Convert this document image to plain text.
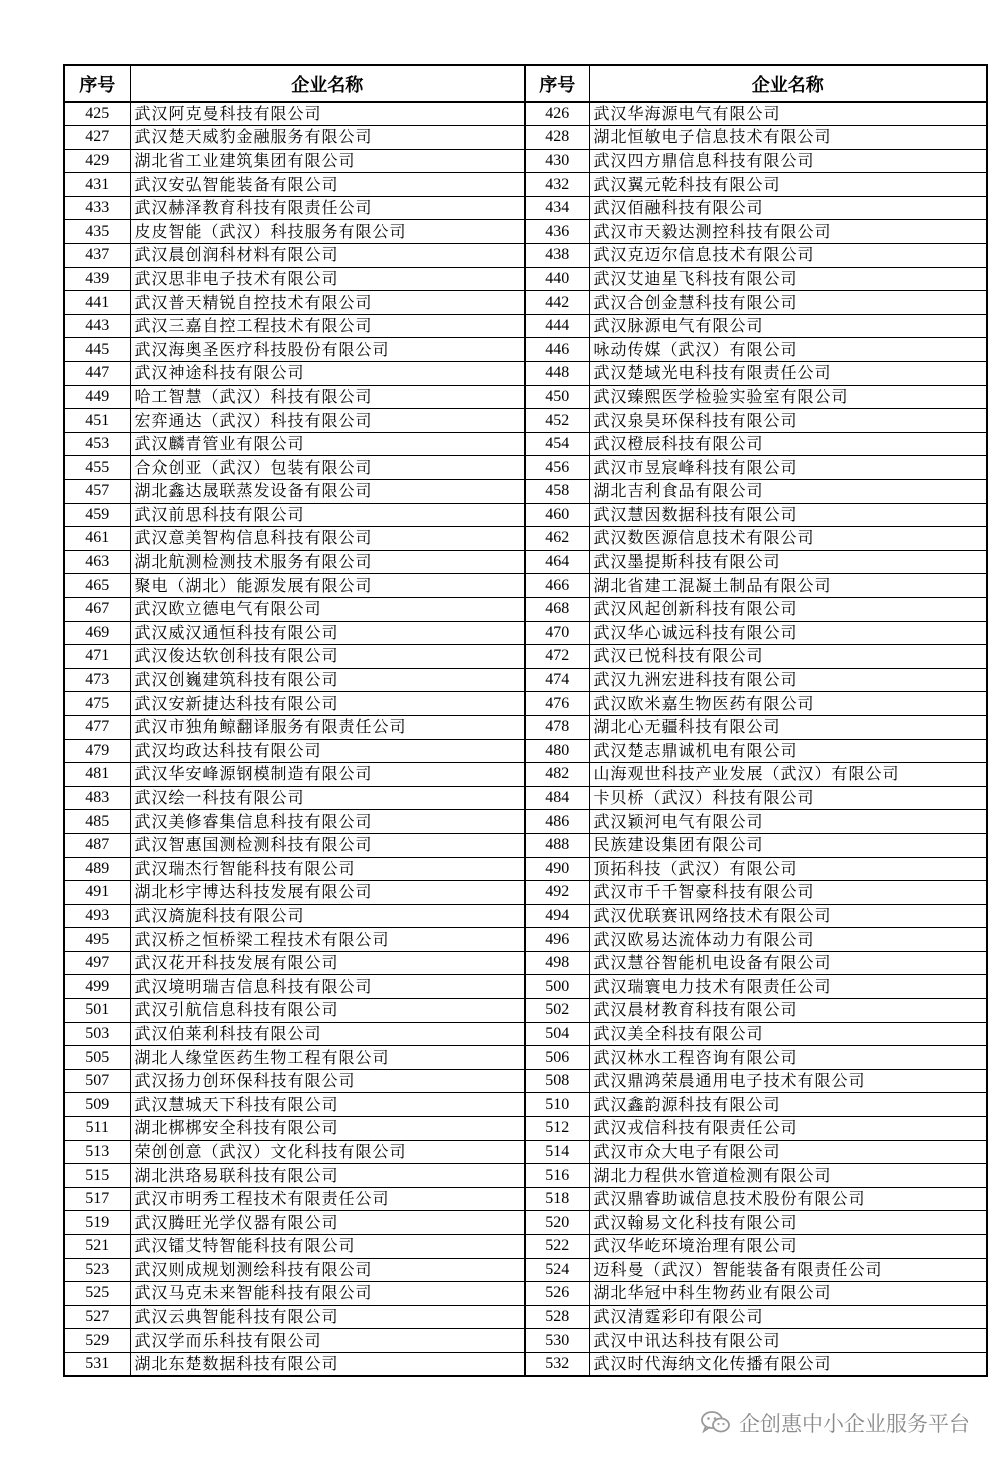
序号	企业名称	序号	企业名称
425	武汉阿克曼科技有限公司	426	武汉华海源电气有限公司
427	武汉楚天威豹金融服务有限公司	428	湖北恒敏电子信息技术有限公司
429	湖北省工业建筑集团有限公司	430	武汉四方鼎信息科技有限公司
431	武汉安弘智能装备有限公司	432	武汉翼元乾科技有限公司
433	武汉赫泽教育科技有限责任公司	434	武汉佰融科技有限公司
435	皮皮智能（武汉）科技服务有限公司	436	武汉市天毅达测控科技有限公司
437	武汉晨创润科材料有限公司	438	武汉克迈尔信息技术有限公司
439	武汉思非电子技术有限公司	440	武汉艾迪星飞科技有限公司
441	武汉普天精锐自控技术有限公司	442	武汉合创金慧科技有限公司
443	武汉三嘉自控工程技术有限公司	444	武汉脉源电气有限公司
445	武汉海奥圣医疗科技股份有限公司	446	咏动传媒（武汉）有限公司
447	武汉神途科技有限公司	448	武汉楚域光电科技有限责任公司
449	哈工智慧（武汉）科技有限公司	450	武汉臻熙医学检验实验室有限公司
451	宏弈通达（武汉）科技有限公司	452	武汉泉昊环保科技有限公司
453	武汉麟青管业有限公司	454	武汉橙辰科技有限公司
455	合众创亚（武汉）包装有限公司	456	武汉市昱宸峰科技有限公司
457	湖北鑫达晟联蒸发设备有限公司	458	湖北吉利食品有限公司
459	武汉前思科技有限公司	460	武汉慧因数据科技有限公司
461	武汉意美智构信息科技有限公司	462	武汉数医源信息技术有限公司
463	湖北航测检测技术服务有限公司	464	武汉墨提斯科技有限公司
465	聚电（湖北）能源发展有限公司	466	湖北省建工混凝土制品有限公司
467	武汉欧立德电气有限公司	468	武汉风起创新科技有限公司
469	武汉威汉通恒科技有限公司	470	武汉华心诚远科技有限公司
471	武汉俊达软创科技有限公司	472	武汉已悦科技有限公司
473	武汉创巍建筑科技有限公司	474	武汉九洲宏进科技有限公司
475	武汉安新捷达科技有限公司	476	武汉欧米嘉生物医药有限公司
477	武汉市独角鲸翻译服务有限责任公司	478	湖北心无疆科技有限公司
479	武汉均政达科技有限公司	480	武汉楚志鼎诚机电有限公司
481	武汉华安峰源钢模制造有限公司	482	山海观世科技产业发展（武汉）有限公司
483	武汉绘一科技有限公司	484	卡贝桥（武汉）科技有限公司
485	武汉美修睿集信息科技有限公司	486	武汉颖河电气有限公司
487	武汉智惠国测检测科技有限公司	488	民族建设集团有限公司
489	武汉瑞杰行智能科技有限公司	490	顶拓科技（武汉）有限公司
491	湖北杉宇博达科技发展有限公司	492	武汉市千千智豪科技有限公司
493	武汉旖旎科技有限公司	494	武汉优联赛讯网络技术有限公司
495	武汉桥之恒桥梁工程技术有限公司	496	武汉欧易达流体动力有限公司
497	武汉花开科技发展有限公司	498	武汉慧谷智能机电设备有限公司
499	武汉境明瑞吉信息科技有限公司	500	武汉瑞寰电力技术有限责任公司
501	武汉引航信息科技有限公司	502	武汉晨材教育科技有限公司
503	武汉伯莱利科技有限公司	504	武汉美全科技有限公司
505	湖北人缘堂医药生物工程有限公司	506	武汉林水工程咨询有限公司
507	武汉扬力创环保科技有限公司	508	武汉鼎鸿荣晨通用电子技术有限公司
509	武汉慧城天下科技有限公司	510	武汉鑫韵源科技有限公司
511	湖北梆梆安全科技有限公司	512	武汉戎信科技有限责任公司
513	荣创创意（武汉）文化科技有限公司	514	武汉市众大电子有限公司
515	湖北洪珞易联科技有限公司	516	湖北力程供水管道检测有限公司
517	武汉市明秀工程技术有限责任公司	518	武汉鼎睿助诚信息技术股份有限公司
519	武汉腾旺光学仪器有限公司	520	武汉翰易文化科技有限公司
521	武汉镭艾特智能科技有限公司	522	武汉华屹环境治理有限公司
523	武汉则成规划测绘科技有限公司	524	迈科曼（武汉）智能装备有限责任公司
525	武汉马克未来智能科技有限公司	526	湖北华冠中科生物药业有限公司
527	武汉云典智能科技有限公司	528	武汉清霆彩印有限公司
529	武汉学而乐科技有限公司	530	武汉中讯达科技有限公司
531	湖北东楚数据科技有限公司	532	武汉时代海纳文化传播有限公司
企创惠中小企业服务平台
